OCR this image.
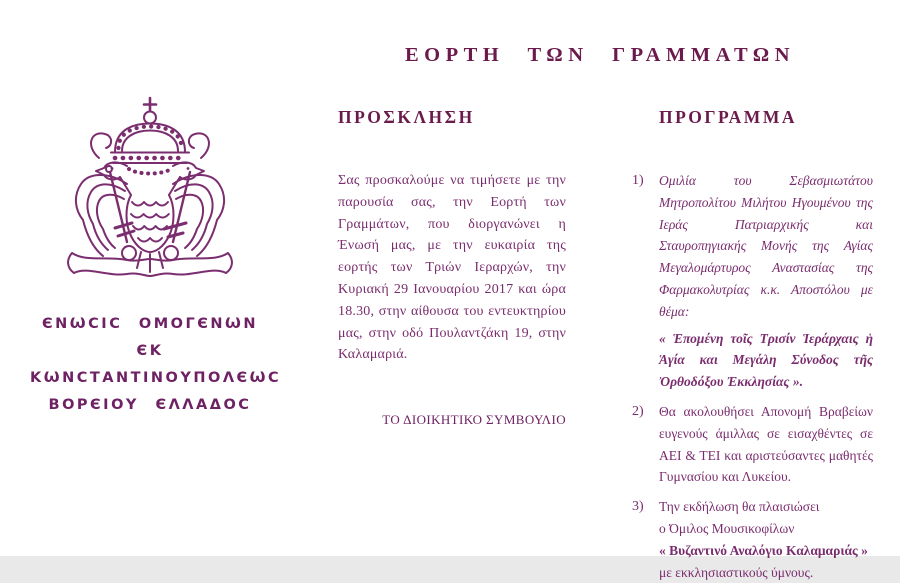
ΕΟΡΤΗ ΤΩΝ ΓΡΑΜΜΑΤΩΝ
ЄΝѠCΙC ΟΜΟΓЄΝѠΝ
ЄΚ
ΚѠΝCΤΑΝΤΙΝΟΥΠΟΛЄѠC
ΒΟΡЄΙΟΥ ЄΛΛΑΔΟC
ΠΡΟΣΚΛΗΣΗ

Σας προσκαλούμε να τιμήσετε με την παρουσία σας, την Εορτή των Γραμμάτων, που διοργανώνει η Ένωσή μας, με την ευκαιρία της εορτής των Τριών Ιεραρχών, την Κυριακή 29 Ιανουαρίου 2017 και ώρα 18.30, στην αίθουσα του εντευκτηρίου μας, στην οδό Πουλαντζάκη 19, στην Καλαμαριά.

ΤΟ ΔΙΟΙΚΗΤΙΚΟ ΣΥΜΒΟΥΛΙΟ
ΠΡΟΓΡΑΜΜΑ
1)	Ομιλία του Σεβασμιωτάτου Μητροπολίτου Μιλήτου Ηγουμένου της Ιεράς Πατριαρχικής και Σταυροπηγιακής Μονής της Αγίας Μεγαλομάρτυρος Αναστασίας της Φαρμακολυτρίας κ.κ. Αποστόλου με θέμα:
« Ἑπομένη τοῖς Τρισίν Ἱεράρχαις ἡ Ἁγία και Μεγάλη Σύνοδος τῆς Ὀρθοδόξου Ἐκκλησίας ».
2)	Θα ακολουθήσει Απονομή Βραβείων ευγενούς άμιλλας σε εισαχθέντες σε ΑΕΙ & ΤΕΙ και αριστεύσαντες μαθητές Γυμνασίου και Λυκείου.
3)	Την εκδήλωση θα πλαισιώσει
ο Όμιλος Μουσικοφίλων
« Βυζαντινό Αναλόγιο Καλαμαριάς »
με εκκλησιαστικούς ύμνους.
